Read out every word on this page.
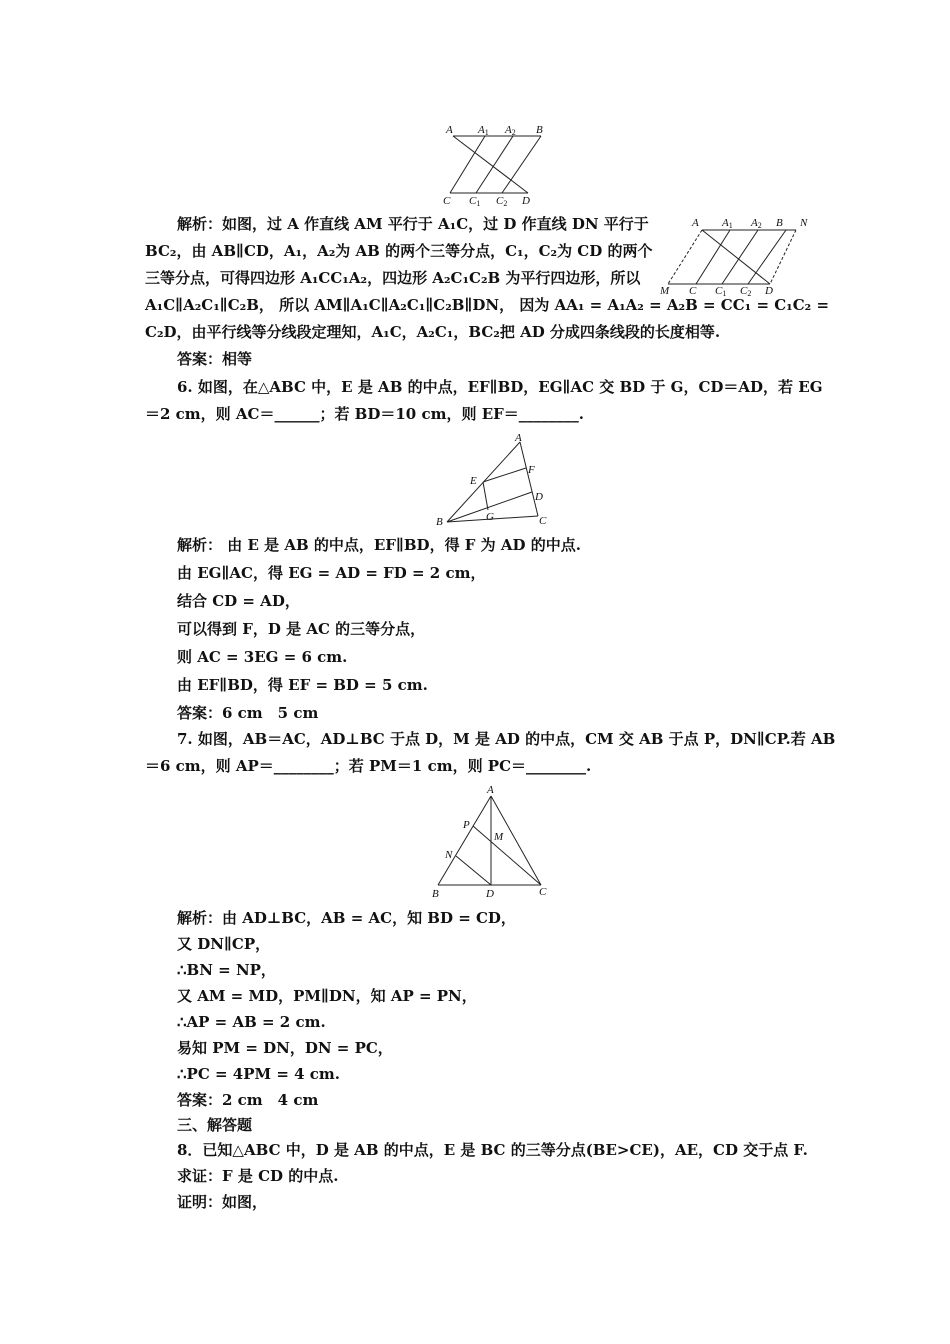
A A1 A2 B
C C1 C2 D
A A1 A2 B N
M C C1 C2 D
解析：如图，过 A 作直线 AM 平行于 A₁C，过 D 作直线 DN 平行于
BC₂，由 AB∥CD，A₁，A₂为 AB 的两个三等分点，C₁，C₂为 CD 的两个
三等分点，可得四边形 A₁CC₁A₂，四边形 A₂C₁C₂B 为平行四边形，所以
A₁C∥A₂C₁∥C₂B， 所以 AM∥A₁C∥A₂C₁∥C₂B∥DN， 因为 AA₁ = A₁A₂ = A₂B = CC₁ = C₁C₂ =
C₂D，由平行线等分线段定理知，A₁C，A₂C₁，BC₂把 AD 分成四条线段的长度相等.
答案：相等
6. 如图，在△ABC 中，E 是 AB 的中点，EF∥BD，EG∥AC 交 BD 于 G，CD＝AD，若 EG
＝2 cm，则 AC＝______；若 BD＝10 cm，则 EF＝________.
A
E
F
D
B	G	C
解析： 由 E 是 AB 的中点，EF∥BD，得 F 为 AD 的中点.
由 EG∥AC，得 EG = AD = FD = 2 cm，
结合 CD = AD，
可以得到 F，D 是 AC 的三等分点，
则 AC = 3EG = 6 cm.
由 EF∥BD，得 EF = BD = 5 cm.
答案：6 cm　5 cm
7. 如图，AB＝AC，AD⊥BC 于点 D，M 是 AD 的中点，CM 交 AB 于点 P，DN∥CP.若 AB
＝6 cm，则 AP＝________；若 PM＝1 cm，则 PC＝________.
A
P
M
N
B	D	C
解析：由 AD⊥BC，AB = AC，知 BD = CD，
又 DN∥CP，
∴BN = NP，
又 AM = MD，PM∥DN，知 AP = PN，
∴AP = AB = 2 cm.
易知 PM = DN，DN = PC，
∴PC = 4PM = 4 cm.
答案：2 cm　4 cm
三、解答题
8．已知△ABC 中，D 是 AB 的中点，E 是 BC 的三等分点(BE>CE)，AE，CD 交于点 F.
求证：F 是 CD 的中点.
证明：如图，
